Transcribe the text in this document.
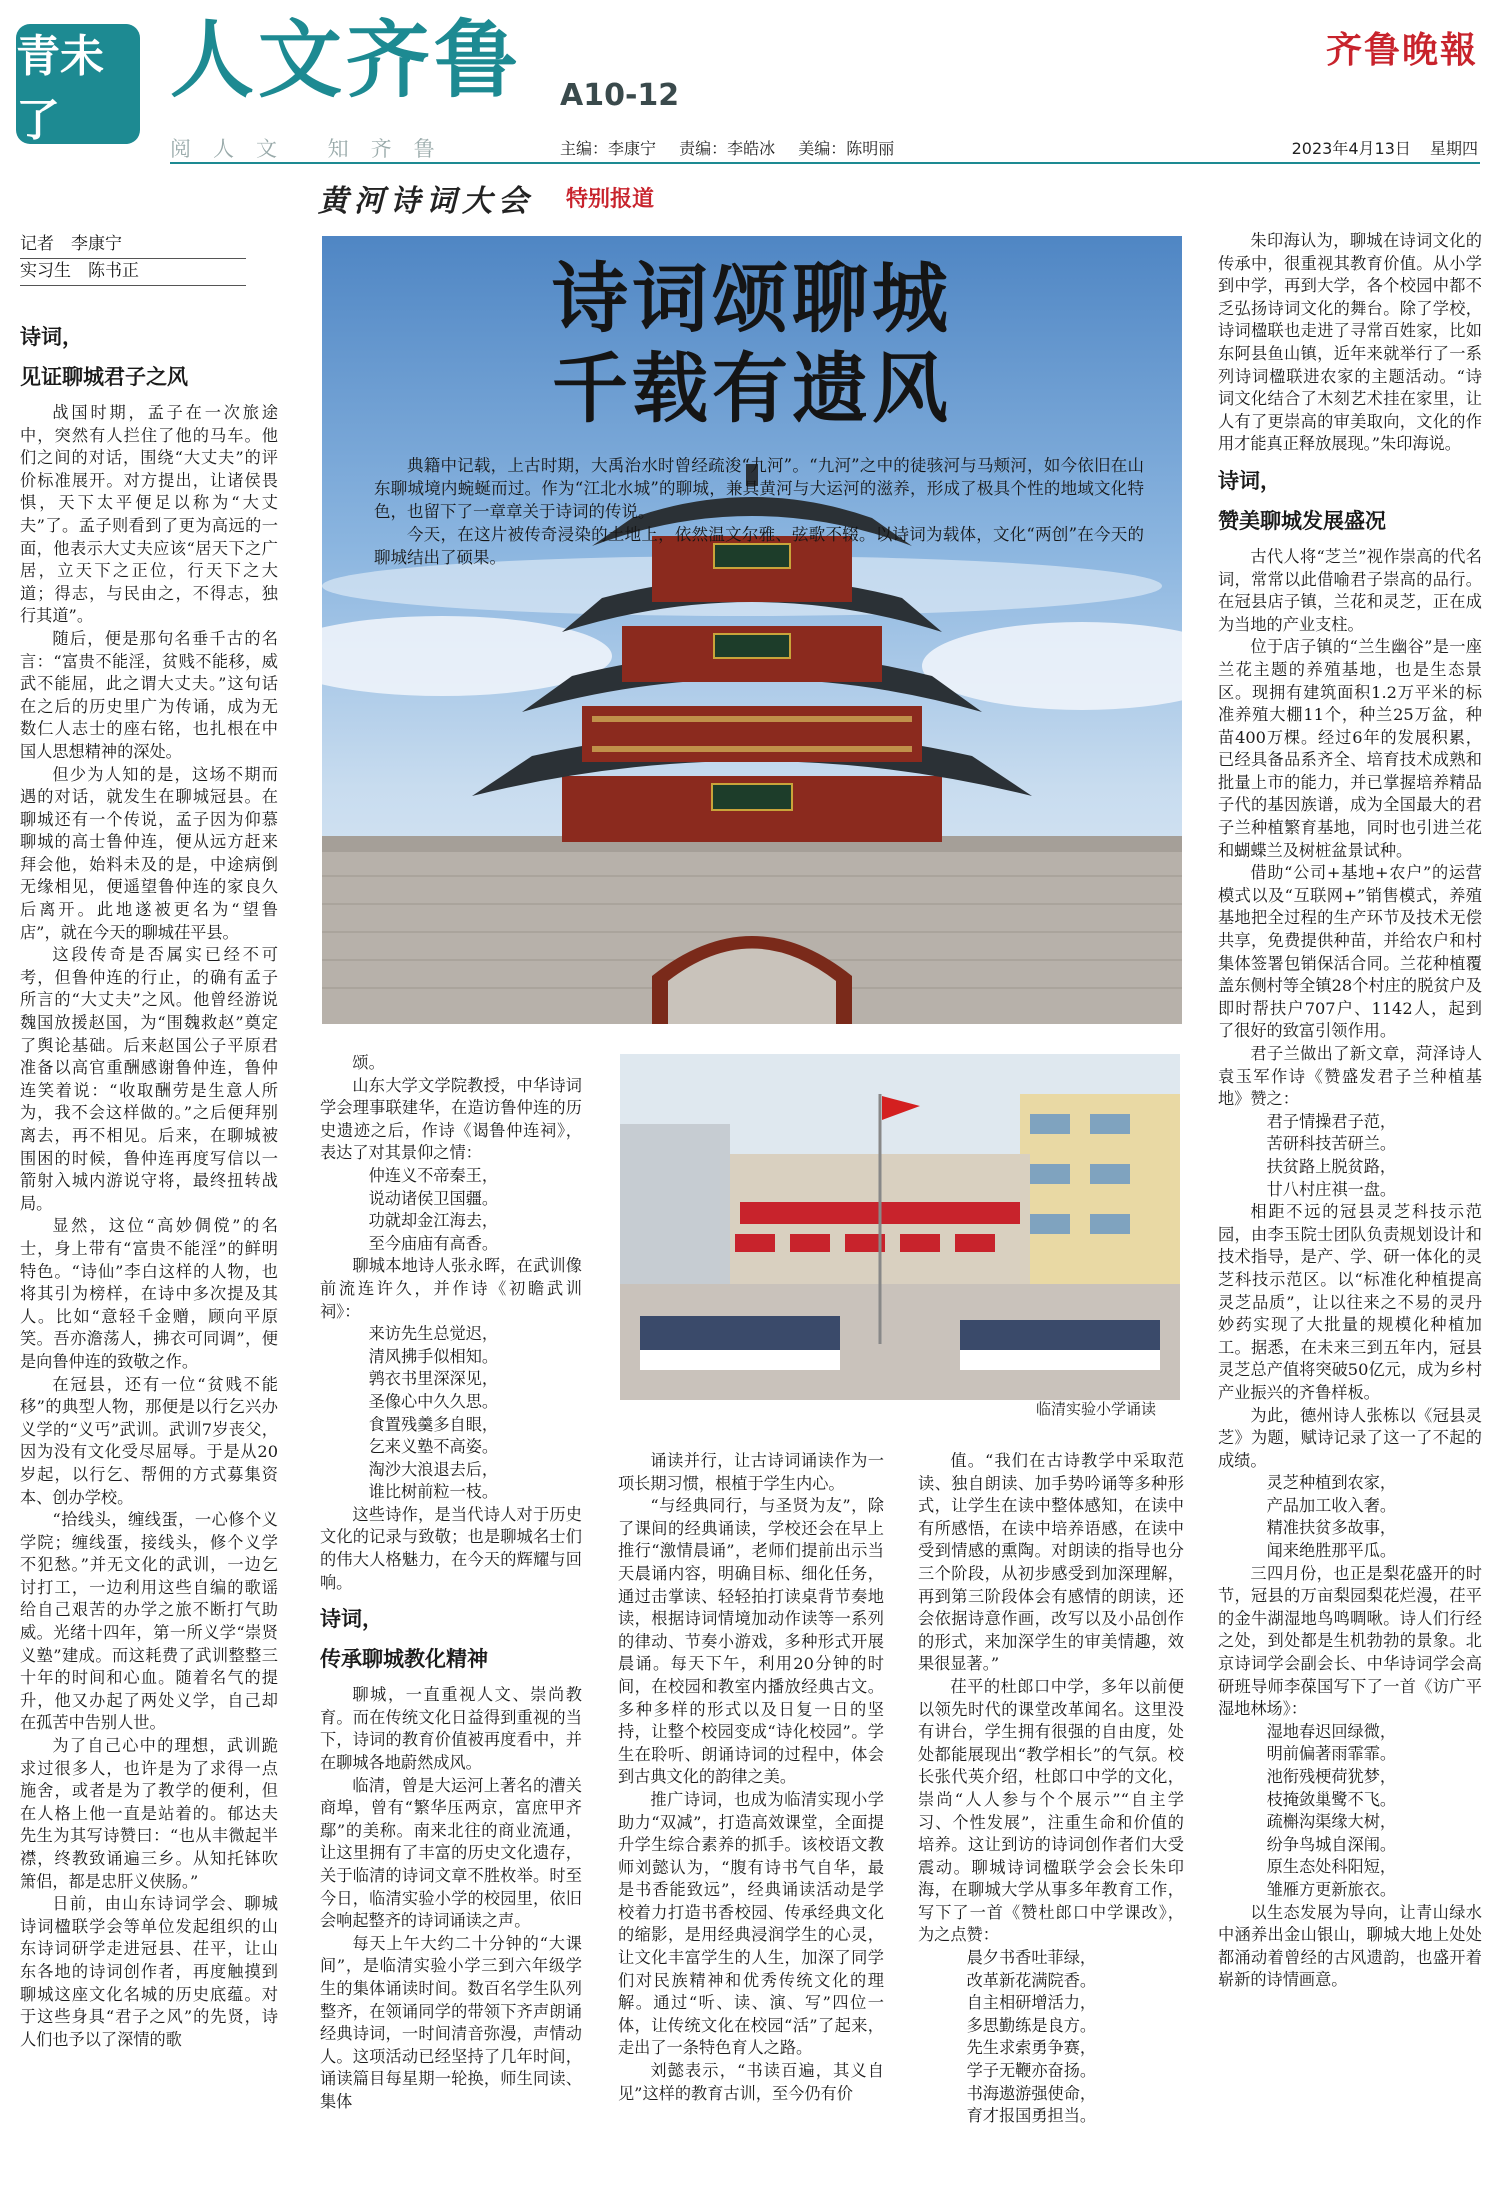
青未了
人文齐鲁 A10-12
齐鲁晚報
阅人文 知齐鲁	主编：李康宁 责编：李皓冰 美编：陈明丽	2023年4月13日 星期四
黄河诗词大会 特别报道
记者　李康宁
实习生　陈书正	诗词颂聊城
千载有遗风

典籍中记载，上古时期，大禹治水时曾经疏浚“九河”。“九河”之中的徒骇河与马颊河，如今依旧在山东聊城境内蜿蜒而过。作为“江北水城”的聊城，兼具黄河与大运河的滋养，形成了极具个性的地域文化特色，也留下了一章章关于诗词的传说。

今天，在这片被传奇浸染的土地上，依然温文尔雅、弦歌不辍。以诗词为载体，文化“两创”在今天的聊城结出了硕果。

临清实验小学诵读

诗词，

见证聊城君子之风

战国时期，孟子在一次旅途中，突然有人拦住了他的马车。他们之间的对话，围绕“大丈夫”的评价标准展开。对方提出，让诸侯畏惧，天下太平便足以称为“大丈夫”了。孟子则看到了更为高远的一面，他表示大丈夫应该“居天下之广居，立天下之正位，行天下之大道；得志，与民由之，不得志，独行其道”。

随后，便是那句名垂千古的名言：“富贵不能淫，贫贱不能移，威武不能屈，此之谓大丈夫。”这句话在之后的历史里广为传诵，成为无数仁人志士的座右铭，也扎根在中国人思想精神的深处。

但少为人知的是，这场不期而遇的对话，就发生在聊城冠县。在聊城还有一个传说，孟子因为仰慕聊城的高士鲁仲连，便从远方赶来拜会他，始料未及的是，中途病倒无缘相见，便遥望鲁仲连的家良久后离开。此地遂被更名为“望鲁店”，就在今天的聊城茌平县。

这段传奇是否属实已经不可考，但鲁仲连的行止，的确有孟子所言的“大丈夫”之风。他曾经游说魏国放援赵国，为“围魏救赵”奠定了舆论基础。后来赵国公子平原君准备以高官重酬感谢鲁仲连，鲁仲连笑着说：“收取酬劳是生意人所为，我不会这样做的。”之后便拜别离去，再不相见。后来，在聊城被围困的时候，鲁仲连再度写信以一箭射入城内游说守将，最终扭转战局。

显然，这位“高妙倜傥”的名士，身上带有“富贵不能淫”的鲜明特色。“诗仙”李白这样的人物，也将其引为榜样，在诗中多次提及其人。比如“意轻千金赠，顾向平原笑。吾亦澹荡人，拂衣可同调”，便是向鲁仲连的致敬之作。

在冠县，还有一位“贫贱不能移”的典型人物，那便是以行乞兴办义学的“义丐”武训。武训7岁丧父，因为没有文化受尽屈辱。于是从20岁起，以行乞、帮佣的方式募集资本、创办学校。

“拾线头，缠线蛋，一心修个义学院；缠线蛋，接线头，修个义学不犯愁。”并无文化的武训，一边乞讨打工，一边利用这些自编的歌谣给自己艰苦的办学之旅不断打气助威。光绪十四年，第一所义学“崇贤义塾”建成。而这耗费了武训整整三十年的时间和心血。随着名气的提升，他又办起了两处义学，自己却在孤苦中告别人世。

为了自己心中的理想，武训跪求过很多人，也许是为了求得一点施舍，或者是为了教学的便利，但在人格上他一直是站着的。郁达夫先生为其写诗赞曰：“也从丰微起半襟，终教致诵遍三乡。从知托钵吹箫侣，都是忠肝义侠肠。”

日前，由山东诗词学会、聊城诗词楹联学会等单位发起组织的山东诗词研学走进冠县、茌平，让山东各地的诗词创作者，再度触摸到聊城这座文化名城的历史底蕴。对于这些身具“君子之风”的先贤，诗人们也予以了深情的歌

颂。

山东大学文学院教授，中华诗词学会理事联建华，在造访鲁仲连的历史遗迹之后，作诗《谒鲁仲连祠》，表达了对其景仰之情：

仲连义不帝秦王，

说动诸侯卫国疆。

功就却金江海去，

至今庙庙有高香。

聊城本地诗人张永晖，在武训像前流连许久，并作诗《初瞻武训祠》：

来访先生总觉迟，

清风拂手似相知。

鹑衣书里深深见，

圣像心中久久思。

食置残羹多自眼，

乞来义塾不高姿。

淘沙大浪退去后，

谁比树前粒一枝。

这些诗作，是当代诗人对于历史文化的记录与致敬；也是聊城名士们的伟大人格魅力，在今天的辉耀与回响。

诗词，

传承聊城教化精神

聊城，一直重视人文、崇尚教育。而在传统文化日益得到重视的当下，诗词的教育价值被再度看中，并在聊城各地蔚然成风。

临清，曾是大运河上著名的漕关商埠，曾有“繁华压两京，富庶甲齐鄢”的美称。南来北往的商业流通，让这里拥有了丰富的历史文化遗存，关于临清的诗词文章不胜枚举。时至今日，临清实验小学的校园里，依旧会响起整齐的诗词诵读之声。

每天上午大约二十分钟的“大课间”，是临清实验小学三到六年级学生的集体诵读时间。数百名学生队列整齐，在领诵同学的带领下齐声朗诵经典诗词，一时间清音弥漫，声情动人。这项活动已经坚持了几年时间，诵读篇目每星期一轮换，师生同读、集体

诵读并行，让古诗词诵读作为一项长期习惯，根植于学生内心。

“与经典同行，与圣贤为友”，除了课间的经典诵读，学校还会在早上推行“激情晨诵”，老师们提前出示当天晨诵内容，明确目标、细化任务，通过击掌读、轻轻拍打读桌背节奏地读，根据诗词情境加动作读等一系列的律动、节奏小游戏，多种形式开展晨诵。每天下午，利用20分钟的时间，在校园和教室内播放经典古文。多种多样的形式以及日复一日的坚持，让整个校园变成“诗化校园”。学生在聆听、朗诵诗词的过程中，体会到古典文化的韵律之美。

推广诗词，也成为临清实现小学助力“双减”，打造高效课堂，全面提升学生综合素养的抓手。该校语文教师刘懿认为，“腹有诗书气自华，最是书香能致远”，经典诵读活动是学校着力打造书香校园、传承经典文化的缩影，是用经典浸润学生的心灵，让文化丰富学生的人生，加深了同学们对民族精神和优秀传统文化的理解。通过“听、读、演、写”四位一体，让传统文化在校园“活”了起来，走出了一条特色育人之路。

刘懿表示，“书读百遍，其义自见”这样的教育古训，至今仍有价

值。“我们在古诗教学中采取范读、独自朗读、加手势吟诵等多种形式，让学生在读中整体感知，在读中有所感悟，在读中培养语感，在读中受到情感的熏陶。对朗读的指导也分三个阶段，从初步感受到加深理解，再到第三阶段体会有感情的朗读，还会依据诗意作画，改写以及小品创作的形式，来加深学生的审美情趣，效果很显著。”

茌平的杜郎口中学，多年以前便以领先时代的课堂改革闻名。这里没有讲台，学生拥有很强的自由度，处处都能展现出“教学相长”的气氛。校长张代英介绍，杜郎口中学的文化，崇尚“人人参与个个展示”“自主学习、个性发展”，注重生命和价值的培养。这让到访的诗词创作者们大受震动。聊城诗词楹联学会会长朱印海，在聊城大学从事多年教育工作，写下了一首《赞杜郎口中学课改》，为之点赞：

晨夕书香吐菲绿，

改革新花满院香。

自主相研增活力，

多思勤练是良方。

先生求索勇争赛，

学子无鞭亦奋扬。

书海遨游强使命，

育才报国勇担当。

朱印海认为，聊城在诗词文化的传承中，很重视其教育价值。从小学到中学，再到大学，各个校园中都不乏弘扬诗词文化的舞台。除了学校，诗词楹联也走进了寻常百姓家，比如东阿县鱼山镇，近年来就举行了一系列诗词楹联进农家的主题活动。“诗词文化结合了木刻艺术挂在家里，让人有了更崇高的审美取向，文化的作用才能真正释放展现。”朱印海说。

诗词，

赞美聊城发展盛况

古代人将“芝兰”视作崇高的代名词，常常以此借喻君子崇高的品行。在冠县店子镇，兰花和灵芝，正在成为当地的产业支柱。

位于店子镇的“兰生幽谷”是一座兰花主题的养殖基地，也是生态景区。现拥有建筑面积1.2万平米的标准养殖大棚11个，种兰25万盆，种苗400万棵。经过6年的发展积累，已经具备品系齐全、培育技术成熟和批量上市的能力，并已掌握培养精品子代的基因族谱，成为全国最大的君子兰种植繁育基地，同时也引进兰花和蝴蝶兰及树桩盆景试种。

借助“公司+基地+农户”的运营模式以及“互联网+”销售模式，养殖基地把全过程的生产环节及技术无偿共享，免费提供种苗，并给农户和村集体签署包销保活合同。兰花种植覆盖东侧村等全镇28个村庄的脱贫户及即时帮扶户707户、1142人，起到了很好的致富引领作用。

君子兰做出了新文章，菏泽诗人袁玉军作诗《赞盛发君子兰种植基地》赞之：

君子情操君子范，

苦研科技苦研兰。

扶贫路上脱贫路，

廿八村庄祺一盘。

相距不远的冠县灵芝科技示范园，由李玉院士团队负责规划设计和技术指导，是产、学、研一体化的灵芝科技示范区。以“标准化种植提高灵芝品质”，让以往来之不易的灵丹妙药实现了大批量的规模化种植加工。据悉，在未来三到五年内，冠县灵芝总产值将突破50亿元，成为乡村产业振兴的齐鲁样板。

为此，德州诗人张栋以《冠县灵芝》为题，赋诗记录了这一了不起的成绩。

灵芝种植到农家，

产品加工收入奢。

精准扶贫多故事，

闻来绝胜那平瓜。

三四月份，也正是梨花盛开的时节，冠县的万亩梨园梨花烂漫，茌平的金牛湖湿地鸟鸣啁啾。诗人们行经之处，到处都是生机勃勃的景象。北京诗词学会副会长、中华诗词学会高研班导师李葆国写下了一首《访广平湿地林场》：

湿地春迟回绿微，

明前偏著雨霏霏。

池衔残梗荷犹梦，

枝掩敛巢鹭不飞。

疏槲沟渠缘大树，

纷争鸟城自深闱。

原生态处科阳短，

雏雁方更新旅衣。

以生态发展为导向，让青山绿水中涵养出金山银山，聊城大地上处处都涌动着曾经的古风遗韵，也盛开着崭新的诗情画意。
